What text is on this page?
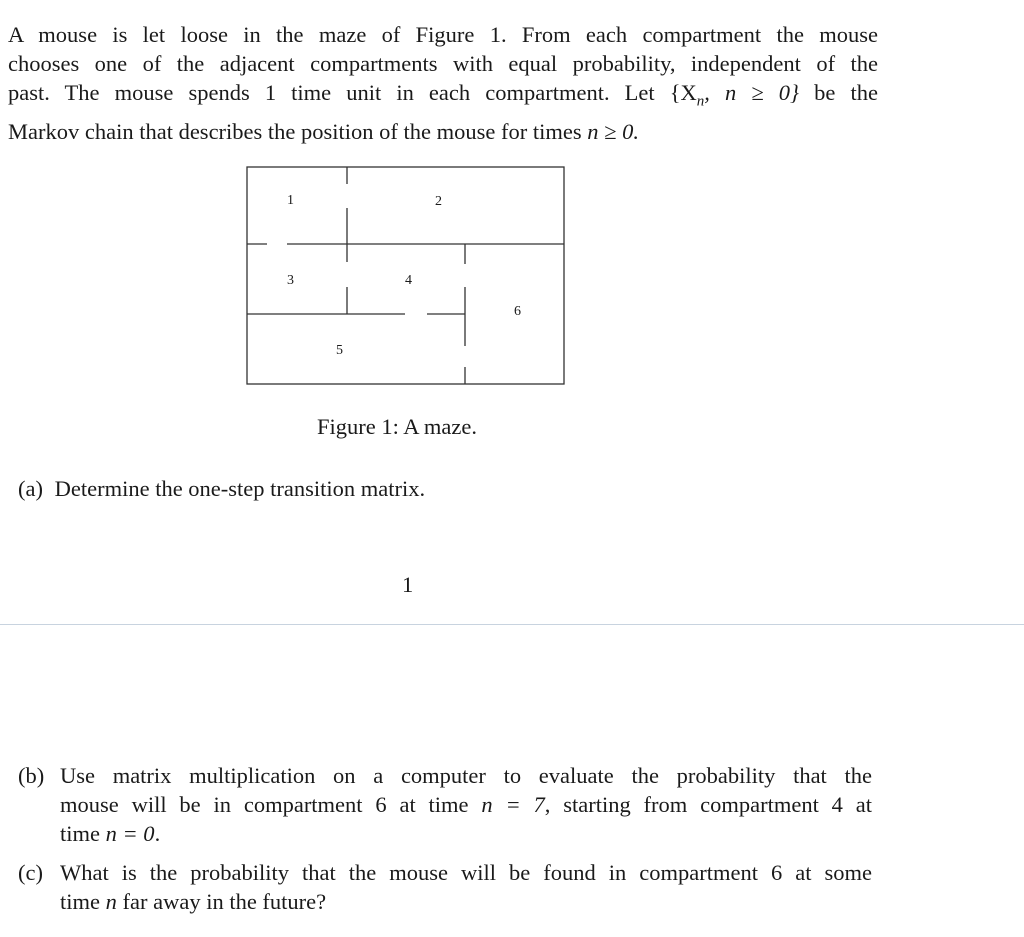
A mouse is let loose in the maze of Figure 1. From each compartment the mouse
chooses one of the adjacent compartments with equal probability, independent of the
past. The mouse spends 1 time unit in each compartment. Let {$X_n$, n ≥ 0} be the
Markov chain that describes the position of the mouse for times n ≥ 0.
1	2
3	4
5
6
Figure 1: A maze.
(a) Determine the one-step transition matrix.
1
(b) Use matrix multiplication on a computer to evaluate the probability that the
mouse will be in compartment 6 at time n = 7, starting from compartment 4 at
time n = 0.
(c) What is the probability that the mouse will be found in compartment 6 at some
time n far away in the future?
